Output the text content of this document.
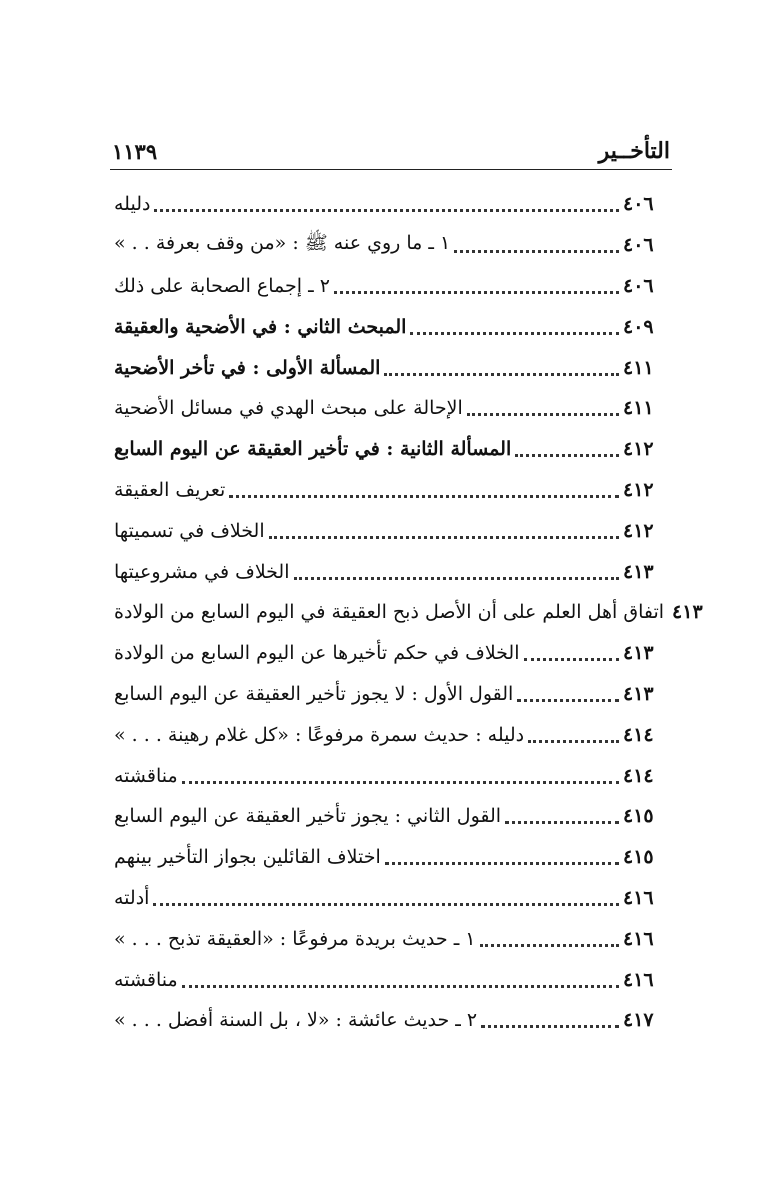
التأخــير
١١٣٩
دليله	٤٠٦
١ ـ ما روي عنه ﷺ : «من وقف بعرفة . . »	٤٠٦
٢ ـ إجماع الصحابة على ذلك	٤٠٦
المبحث الثاني : في الأضحية والعقيقة	٤٠٩
المسألة الأولى : في تأخر الأضحية	٤١١
الإحالة على مبحث الهدي في مسائل الأضحية	٤١١
المسألة الثانية : في تأخير العقيقة عن اليوم السابع	٤١٢
تعريف العقيقة	٤١٢
الخلاف في تسميتها	٤١٢
الخلاف في مشروعيتها	٤١٣
اتفاق أهل العلم على أن الأصل ذبح العقيقة في اليوم السابع من الولادة ٤١٣
الخلاف في حكم تأخيرها عن اليوم السابع من الولادة	٤١٣
القول الأول : لا يجوز تأخير العقيقة عن اليوم السابع	٤١٣
دليله : حديث سمرة مرفوعًا : «كل غلام رهينة . . . »	٤١٤
مناقشته	٤١٤
القول الثاني : يجوز تأخير العقيقة عن اليوم السابع	٤١٥
اختلاف القائلين بجواز التأخير بينهم	٤١٥
أدلته	٤١٦
١ ـ حديث بريدة مرفوعًا : «العقيقة تذبح . . . »	٤١٦
مناقشته	٤١٦
٢ ـ حديث عائشة : «لا ، بل السنة أفضل . . . »	٤١٧
